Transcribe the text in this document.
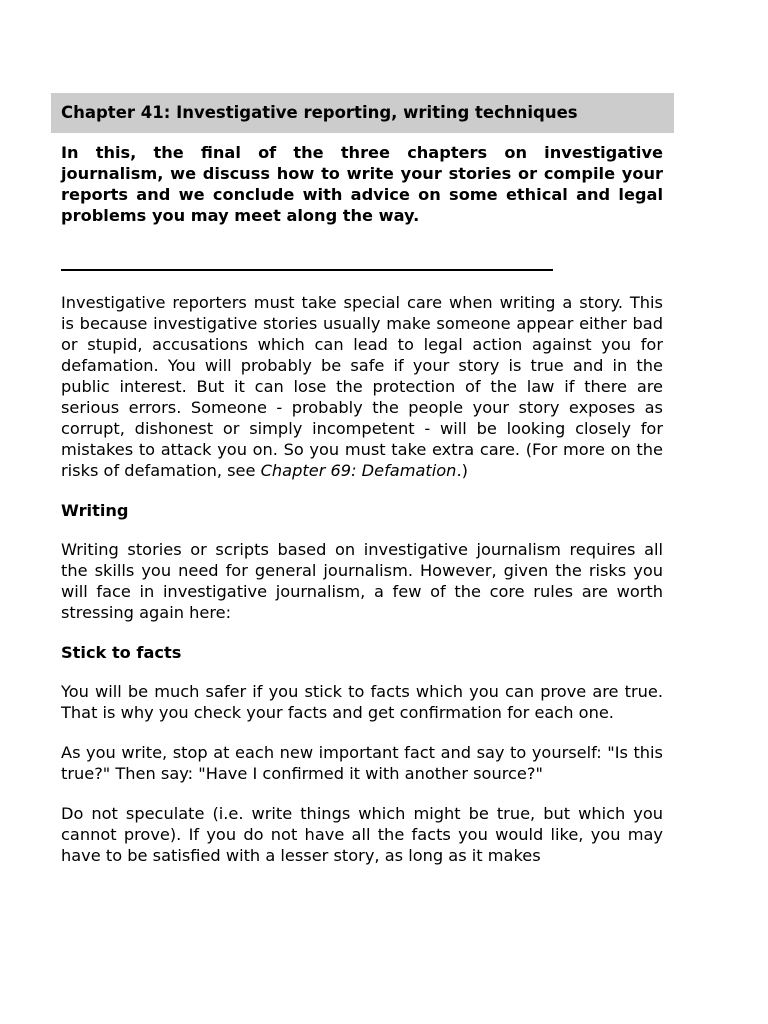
Chapter 41: Investigative reporting, writing techniques

In this, the final of the three chapters on investigative journalism, we discuss how to write your stories or compile your reports and we conclude with advice on some ethical and legal problems you may meet along the way.

Investigative reporters must take special care when writing a story. This is because investigative stories usually make someone appear either bad or stupid, accusations which can lead to legal action against you for defamation. You will probably be safe if your story is true and in the public interest. But it can lose the protection of the law if there are serious errors. Someone - probably the people your story exposes as corrupt, dishonest or simply incompetent - will be looking closely for mistakes to attack you on. So you must take extra care. (For more on the risks of defamation, see Chapter 69: Defamation.)

Writing

Writing stories or scripts based on investigative journalism requires all the skills you need for general journalism. However, given the risks you will face in investigative journalism, a few of the core rules are worth stressing again here:

Stick to facts

You will be much safer if you stick to facts which you can prove are true. That is why you check your facts and get confirmation for each one.

As you write, stop at each new important fact and say to yourself: "Is this true?" Then say: "Have I confirmed it with another source?"

Do not speculate (i.e. write things which might be true, but which you cannot prove). If you do not have all the facts you would like, you may have to be satisfied with a lesser story, as long as it makes
